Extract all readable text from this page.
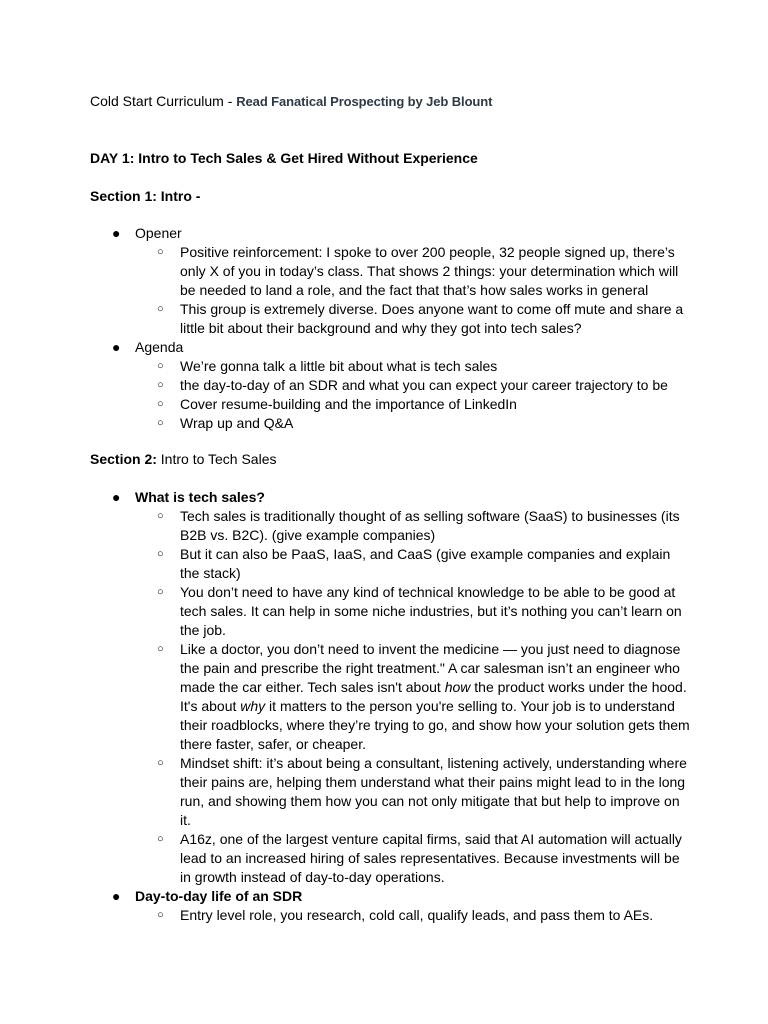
Cold Start Curriculum - Read Fanatical Prospecting by Jeb Blount
DAY 1: Intro to Tech Sales & Get Hired Without Experience
Section 1: Intro -
● Opener
○ Positive reinforcement: I spoke to over 200 people, 32 people signed up, there’s only X of you in today’s class. That shows 2 things: your determination which will be needed to land a role, and the fact that that’s how sales works in general
○ This group is extremely diverse. Does anyone want to come off mute and share a little bit about their background and why they got into tech sales?
● Agenda
○ We’re gonna talk a little bit about what is tech sales
○ the day-to-day of an SDR and what you can expect your career trajectory to be
○ Cover resume-building and the importance of LinkedIn
○ Wrap up and Q&A
Section 2: Intro to Tech Sales
● What is tech sales?
○ Tech sales is traditionally thought of as selling software (SaaS) to businesses (its B2B vs. B2C). (give example companies)
○ But it can also be PaaS, IaaS, and CaaS (give example companies and explain the stack)
○ You don’t need to have any kind of technical knowledge to be able to be good at tech sales. It can help in some niche industries, but it’s nothing you can’t learn on the job.
○ Like a doctor, you don’t need to invent the medicine — you just need to diagnose the pain and prescribe the right treatment." A car salesman isn’t an engineer who made the car either. Tech sales isn't about how the product works under the hood. It's about why it matters to the person you're selling to. Your job is to understand their roadblocks, where they’re trying to go, and show how your solution gets them there faster, safer, or cheaper.
○ Mindset shift: it’s about being a consultant, listening actively, understanding where their pains are, helping them understand what their pains might lead to in the long run, and showing them how you can not only mitigate that but help to improve on it.
○ A16z, one of the largest venture capital firms, said that AI automation will actually lead to an increased hiring of sales representatives. Because investments will be in growth instead of day-to-day operations.
● Day-to-day life of an SDR
○ Entry level role, you research, cold call, qualify leads, and pass them to AEs.
